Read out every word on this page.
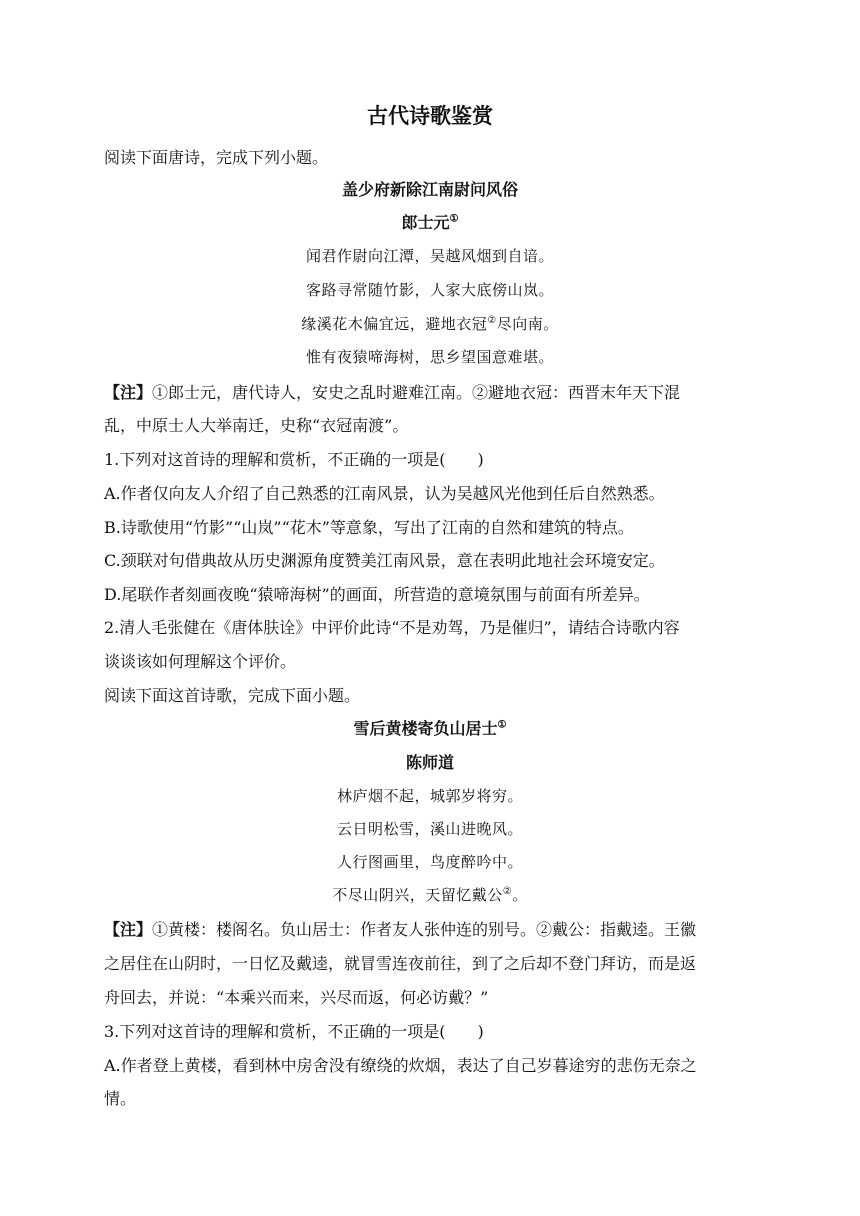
古代诗歌鉴赏
阅读下面唐诗，完成下列小题。
盖少府新除江南尉问风俗
郎士元①
闻君作尉向江潭，吴越风烟到自谙。
客路寻常随竹影，人家大底傍山岚。
缘溪花木偏宜远，避地衣冠②尽向南。
惟有夜猿啼海树，思乡望国意难堪。
【注】①郎士元，唐代诗人，安史之乱时避难江南。②避地衣冠：西晋末年天下混
乱，中原士人大举南迁，史称“衣冠南渡”。
1.下列对这首诗的理解和赏析，不正确的一项是(　　)
A.作者仅向友人介绍了自己熟悉的江南风景，认为吴越风光他到任后自然熟悉。
B.诗歌使用“竹影”“山岚”“花木”等意象，写出了江南的自然和建筑的特点。
C.颈联对句借典故从历史渊源角度赞美江南风景，意在表明此地社会环境安定。
D.尾联作者刻画夜晚“猿啼海树”的画面，所营造的意境氛围与前面有所差异。
2.清人毛张健在《唐体肤诠》中评价此诗“不是劝驾，乃是催归”，请结合诗歌内容
谈谈该如何理解这个评价。
阅读下面这首诗歌，完成下面小题。
雪后黄楼寄负山居士①
陈师道
林庐烟不起，城郭岁将穷。
云日明松雪，溪山进晚风。
人行图画里，鸟度醉吟中。
不尽山阴兴，天留忆戴公②。
【注】①黄楼：楼阁名。负山居士：作者友人张仲连的别号。②戴公：指戴逵。王徽
之居住在山阴时，一日忆及戴逵，就冒雪连夜前往，到了之后却不登门拜访，而是返
舟回去，并说：“本乘兴而来，兴尽而返，何必访戴？”
3.下列对这首诗的理解和赏析，不正确的一项是(　　)
A.作者登上黄楼，看到林中房舍没有缭绕的炊烟，表达了自己岁暮途穷的悲伤无奈之
情。
